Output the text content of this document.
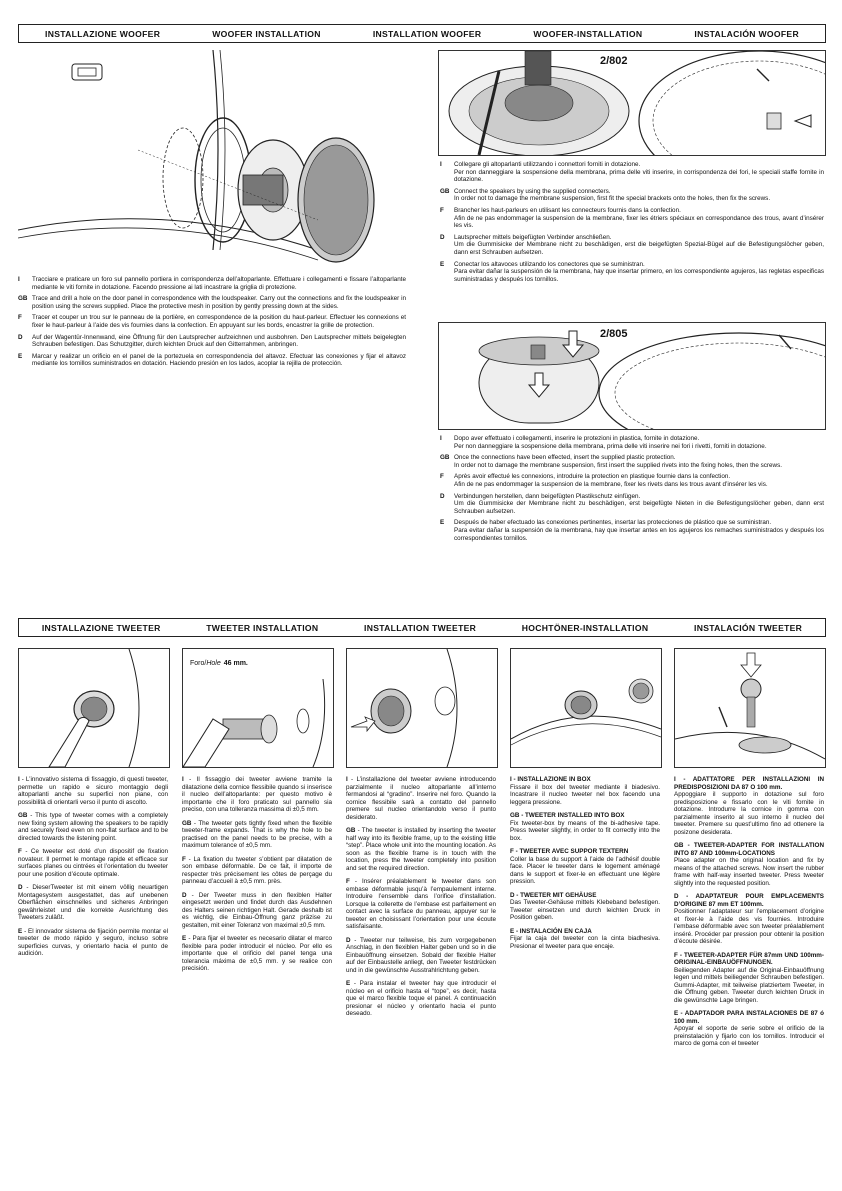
INSTALLAZIONE WOOFER	WOOFER INSTALLATION	INSTALLATION WOOFER	WOOFER-INSTALLATION	INSTALACIÓN WOOFER
I	Tracciare e praticare un foro sul pannello portiera in corrispondenza dell’altoparlante. Effettuare i collegamenti e fissare l’altoparlante mediante le viti fornite in dotazione. Facendo pressione ai lati incastrare la griglia di protezione.
GB Trace and drill a hole on the door panel in correspondence with the loudspeaker. Carry out the connections and fix the loudspeaker in position using the screws supplied. Place the protective mesh in position by gently pressing down at the sides.
F	Tracer et couper un trou sur le panneau de la portière, en correspondence de la position du haut-parleur. Effectuer les connexions et fixer le haut-parleur à l’aide des vis fournies dans la confection. En appuyant sur les bords, encastrer la grille de protection.
D	Auf der Wagentür-Innenwand, eine Öffnung für den Lautsprecher aufzeichnen und ausbohren. Den Lautsprecher mittels beigelegten Schrauben befestigen. Das Schutzgitter, durch leichten Druck auf den Gitterrahmen, anbringen.
E	Marcar y realizar un orificio en el panel de la portezuela en correspondencia del altavoz. Efectuar las conexiones y fijar el altavoz mediante los tornillos suministrados en dotación. Haciendo presión en los lados, acoplar la rejilla de protección.
2/802
I	Collegare gli altoparlanti utilizzando i connettori forniti in dotazione.
Per non danneggiare la sospensione della membrana, prima delle viti inserire, in corrispondenza dei fori, le speciali staffe fornite in dotazione.
GB Connect the speakers by using the supplied connecters.
In order not to damage the membrane suspension, first fit the special brackets onto the holes, then fix the screws.
F	Brancher les haut-parleurs en utilisant les connecteurs fournis dans la confection.
Afin de ne pas endommager la suspension de la membrane, fixer les étriers spéciaux en correspondance des trous, avant d’insérer les vis.
D	Lautsprecher mittels beigefügten Verbinder anschließen.
Um die Gummisicke der Membrane nicht zu beschädigen, erst die beigefügten Spezial-Bügel auf die Befestigungslöcher geben, dann erst Schrauben aufsetzen.
E	Conectar los altavoces utilizando los conectores que se suministran.
Para evitar dañar la suspensión de la membrana, hay que insertar primero, en los correspondiente agujeros, las regletas especificas suministradas y después los tornillos.
2/805
I	Dopo aver effettuato i collegamenti, inserire le protezioni in plastica, fornite in dotazione.
Per non danneggiare la sospensione della membrana, prima delle viti inserire nei fori i rivetti, forniti in dotazione.
GB Once the connections have been effected, insert the supplied plastic protection.
In order not to damage the membrane suspension, first insert the supplied rivets into the fixing holes, then the screws.
F	Après avoir effectué les connexions, introduire la protection en plastique fournie dans la confection.
Afin de ne pas endommager la suspension de la membrane, fixer les rivets dans les trous avant d’insérer les vis.
D	Verbindungen herstellen, dann beigefügten Plastikschutz einfügen.
Um die Gummisicke der Membrane nicht zu beschädigen, erst beigefügte Nieten in die Befestigungslöcher geben, dann erst Schrauben aufsetzen.
E	Después de haber efectuado las conexiones pertinentes, insertar las protecciones de plástico que se suministran.
Para evitar dañar la suspensión de la membrana, hay que insertar antes en los agujeros los remaches suministrados y después los correspondientes tornillos.
INSTALLAZIONE TWEETER	TWEETER INSTALLATION	INSTALLATION TWEETER	HOCHTÖNER-INSTALLATION	INSTALACIÓN TWEETER
Foro/Hole 46 mm.

I - L’innovativo sistema di fissaggio, di questi tweeter, permette un rapido e sicuro montaggio degli altoparlanti anche su superfici non piane, con possibilità di orientarli verso il punto di ascolto.

GB - This type of tweeter comes with a completely new fixing system allowing the speakers to be rapidly and securely fixed even on non-flat surface and to be directed towards the listening point.

F - Ce tweeter est doté d’un dispositif de fixation novateur. Il permet le montage rapide et efficace sur surfaces planes ou cintrées et l’orientation du tweeter pour une position d’écoute optimale.

D - DieserTweeter ist mit einem völlig neuartigen Montagesystem ausgestattet, das auf unebenen Oberflächen einschnelles und sicheres Anbringen gewährleistet und die korrekte Ausrichtung des Tweeters zuläßt.

E - El innovador sistema de fijación permite montar el tweeter de modo rápido y seguro, incluso sobre superficies curvas, y orientarlo hacia el punto de audición.

I - Il fissaggio dei tweeter avviene tramite la dilatazione della cornice flessibile quando si inserisce il nucleo dell’altoparlante: per questo motivo è importante che il foro praticato sul pannello sia preciso, con una tolleranza massima di ±0,5 mm.

GB - The tweeter gets tightly fixed when the flexible tweeter-frame expands. That is why the hole to be practised on the panel needs to be precise, with a maximum tolerance of ±0,5 mm.

F - La fixation du tweeter s’obtient par dilatation de son embase déformable. De ce fait, il importe de respecter très précisement les côtes de perçage du panneau d’accueil à ±0,5 mm. près.

D - Der Tweeter muss in den flexiblen Halter eingesetzt werden und findet durch das Ausdehnen des Halters seinen richtigen Halt. Gerade deshalb ist es wichtig, die Einbau-Öffnung ganz präzise zu gestalten, mit einer Toleranz von maximal ±0,5 mm.

E - Para fijar el tweeter es necesario dilatar el marco flexible para poder introducir el núcleo. Por ello es importante que el orificio del panel tenga una tolerancia máxima de ±0,5 mm. y se realice con precisión.

I - L’installazione del tweeter avviene introducendo parzialmente il nucleo altoparlante all’interno fermandosi al “gradino”. Inserire nel foro. Quando la cornice flessibile sarà a contatto del pannello premere sul nucleo orientandolo verso il punto desiderato.

GB - The tweeter is installed by inserting the tweeter half way into its flexible frame, up to the existing little “step”. Place whole unit into the mounting location. As soon as the flexible frame is in touch with the location, press the tweeter completely into position and set the required direction.

F - Insérer préalablement le tweeter dans son embase déformable jusqu’à l’empaulement interne. Introduire l’ensemble dans l’orifice d’installation. Lorsque la collerette de l’embase est parfaitement en contact avec la surface du panneau, appuyer sur le tweeter en choisissant l’orientation pour une écoute satisfaisante.

D - Tweeter nur teilweise, bis zum vorgegebenen Anschlag, in den flexiblen Halter geben und so in die Einbauöffnung einsetzen. Sobald der flexible Halter auf der Einbaustelle anliegt, den Tweeter festdrücken und in die gewünschte Ausstrahlrichtung geben.

E - Para instalar el tweeter hay que introducir el núcleo en el orificio hasta el “tope”, es decir, hasta que el marco flexible toque el panel. A continuación presionar el núcleo y orientarlo hacia el punto deseado.

I - INSTALLAZIONE IN BOX
Fissare il box del tweeter mediante il biadesivo. Incastrare il nucleo tweeter nel box facendo una leggera pressione.

GB - TWEETER INSTALLED INTO BOX
Fix tweeter-box by means of the bi-adhesive tape. Press tweeter slightly, in order to fit correctly into the box.

F - TWEETER AVEC SUPPOR TEXTERN
Coller la base du support à l’aide de l’adhésif double face. Placer le tweeter dans le logement aménagé dans le support et fixer-le en effectuant une légère pression.

D - TWEETER MIT GEHÄUSE
Das Tweeter-Gehäuse mittels Klebeband befestigen. Tweeter einsetzen und durch leichten Druck in Position geben.

E - INSTALACIÓN EN CAJA
Fijar la caja del tweeter con la cinta biadhesiva. Presionar el tweeter para que encaje.

I - ADATTATORE PER INSTALLAZIONI IN PREDISPOSIZIONI DA 87 O 100 mm.
Appoggiare il supporto in dotazione sul foro predisposizione e fissarlo con le viti fornite in dotazione. Introdurre la cornice in gomma con parzialmente inserito al suo interno il nucleo del tweeter. Premere su quest’ultimo fino ad ottenere la posizone desiderata.

GB - TWEETER-ADAPTER FOR INSTALLATION INTO 87 AND 100mm-LOCATIONS
Place adapter on the original location and fix by means of the attached screws. Now insert the rubber frame with half-way inserted tweeter. Press tweeter slightly into the requested position.

D - ADAPTATEUR POUR EMPLACEMENTS D’ORIGINE 87 mm ET 100mm.
Positionner l’adaptateur sur l’emplacement d’origine et fixer-le à l’aide des vis fournies. Introduire l’embase déformable avec son tweeter préalablement inséré. Procéder par pression pour obtenir la position d’écoute désirée.

F - TWEETER-ADAPTER FÜR 87mm UND 100mm-ORIGINAL-EINBAUÖFFNUNGEN.
Beiliegenden Adapter auf die Original-Einbauöffnung legen und mittels beiliegender Schrauben befestigen. Gummi-Adapter, mit teilweise platziertem Tweeter, in die Öffnung geben. Tweeter durch leichten Druck in die gewünschte Lage bringen.

E - ADAPTADOR PARA INSTALACIONES DE 87 ó 100 mm.
Apoyar el soporte de serie sobre el orificio de la preinstalación y fijarlo con los tornillos. Introducir el marco de goma con el tweeter
